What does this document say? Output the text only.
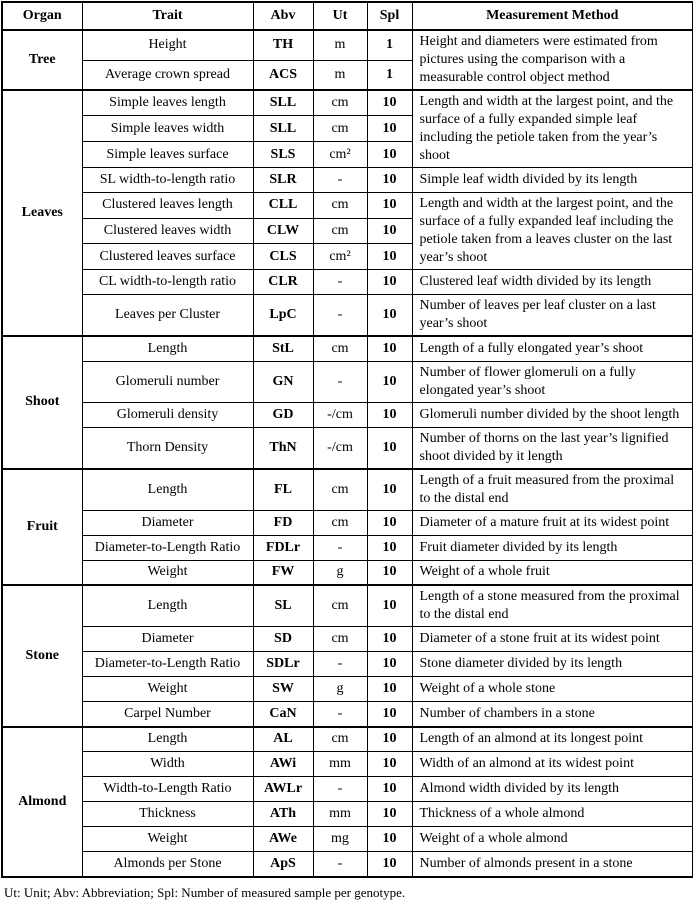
Organ	Trait	Abv	Ut	Spl	Measurement Method
Tree	Height	TH	m	1	Height and diameters were estimated from pictures using the comparison with a measurable control object method
	Average crown spread	ACS	m	1	
Leaves	Simple leaves length	SLL	cm	10	Length and width at the largest point, and the surface of a fully expanded simple leaf including the petiole taken from the year’s shoot
	Simple leaves width	SLL	cm	10	
	Simple leaves surface	SLS	cm²	10	
	SL width-to-length ratio	SLR	-	10	Simple leaf width divided by its length
	Clustered leaves length	CLL	cm	10	Length and width at the largest point, and the surface of a fully expanded leaf including the petiole taken from a leaves cluster on the last year’s shoot
	Clustered leaves width	CLW	cm	10	
	Clustered leaves surface	CLS	cm²	10	
	CL width-to-length ratio	CLR	-	10	Clustered leaf width divided by its length
	Leaves per Cluster	LpC	-	10	Number of leaves per leaf cluster on a last year’s shoot
Shoot	Length	StL	cm	10	Length of a fully elongated year’s shoot
	Glomeruli number	GN	-	10	Number of flower glomeruli on a fully elongated year’s shoot
	Glomeruli density	GD	-/cm	10	Glomeruli number divided by the shoot length
	Thorn Density	ThN	-/cm	10	Number of thorns on the last year’s lignified shoot divided by it length
Fruit	Length	FL	cm	10	Length of a fruit measured from the proximal to the distal end
	Diameter	FD	cm	10	Diameter of a mature fruit at its widest point
	Diameter-to-Length Ratio	FDLr	-	10	Fruit diameter divided by its length
	Weight	FW	g	10	Weight of a whole fruit
Stone	Length	SL	cm	10	Length of a stone measured from the proximal to the distal end
	Diameter	SD	cm	10	Diameter of a stone fruit at its widest point
	Diameter-to-Length Ratio	SDLr	-	10	Stone diameter divided by its length
	Weight	SW	g	10	Weight of a whole stone
	Carpel Number	CaN	-	10	Number of chambers in a stone
Almond	Length	AL	cm	10	Length of an almond at its longest point
	Width	AWi	mm	10	Width of an almond at its widest point
	Width-to-Length Ratio	AWLr	-	10	Almond width divided by its length
	Thickness	ATh	mm	10	Thickness of a whole almond
	Weight	AWe	mg	10	Weight of a whole almond
	Almonds per Stone	ApS	-	10	Number of almonds present in a stone
Ut: Unit; Abv: Abbreviation; Spl: Number of measured sample per genotype.
